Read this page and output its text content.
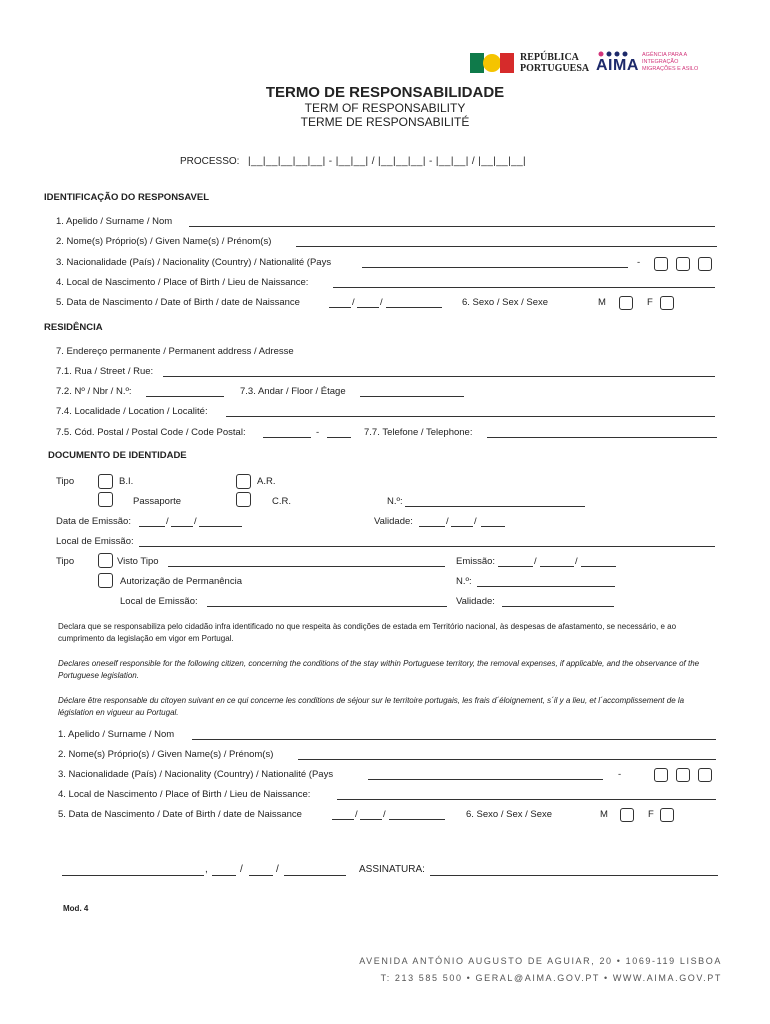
REPÚBLICA
PORTUGUESA AIMA
AGÊNCIA PARA A
INTEGRAÇÃO
MIGRAÇÕES E ASILO
TERMO DE RESPONSABILIDADE
TERM OF RESPONSABILITY
TERME DE RESPONSABILITÉ
PROCESSO: |__|__|__|__|__| - |__|__| / |__|__|__| - |__|__| / |__|__|__|
IDENTIFICAÇÃO DO RESPONSAVEL
1. Apelido / Surname / Nom
2. Nome(s) Próprio(s) / Given Name(s) / Prénom(s)
3. Nacionalidade (País) / Nacionality (Country) / Nationalité (Pays	-
4. Local de Nascimento / Place of Birth / Lieu de Naissance:
5. Data de Nascimento / Date of Birth / date de Naissance	/	/	6. Sexo / Sex / Sexe	M	F
RESIDÊNCIA
7. Endereço permanente / Permanent address / Adresse
7.1. Rua / Street / Rue:
7.2. Nº / Nbr / N.º:	7.3. Andar / Floor / Étage
7.4. Localidade / Location / Localité:
7.5. Cód. Postal / Postal Code / Code Postal:	-	7.7. Telefone / Telephone:
DOCUMENTO DE IDENTIDADE
Tipo	B.I.	A.R.
Passaporte	C.R.	N.º:
Data de Emissão:	/	/	Validade:	/	/
Local de Emissão:
Tipo	Visto Tipo	Emissão:	/	/
Autorização de Permanência	N.º:
Local de Emissão:	Validade:
Declara que se responsabiliza pelo cidadão infra identificado no que respeita às condições de estada em Território nacional, às despesas de afastamento, se necessário, e ao cumprimento da legislação em vigor em Portugal.
Declares oneself responsible for the following citizen, concerning the conditions of the stay within Portuguese territory, the removal expenses, if applicable, and the observance of the Portuguese legislation.
Déclare être responsable du citoyen suivant en ce qui concerne les conditions de séjour sur le territoire portugais, les frais d´éloignement, s´il y a lieu, et l´accomplissement de la législation en vigueur au Portugal.
1. Apelido / Surname / Nom
2. Nome(s) Próprio(s) / Given Name(s) / Prénom(s)
3. Nacionalidade (País) / Nacionality (Country) / Nationalité (Pays	-
4. Local de Nascimento / Place of Birth / Lieu de Naissance:
5. Data de Nascimento / Date of Birth / date de Naissance	/	/	6. Sexo / Sex / Sexe	M	F
,	/	/	ASSINATURA:
Mod. 4
AVENIDA ANTÓNIO AUGUSTO DE AGUIAR, 20 • 1069-119 LISBOA
T: 213 585 500 • GERAL@AIMA.GOV.PT • WWW.AIMA.GOV.PT
